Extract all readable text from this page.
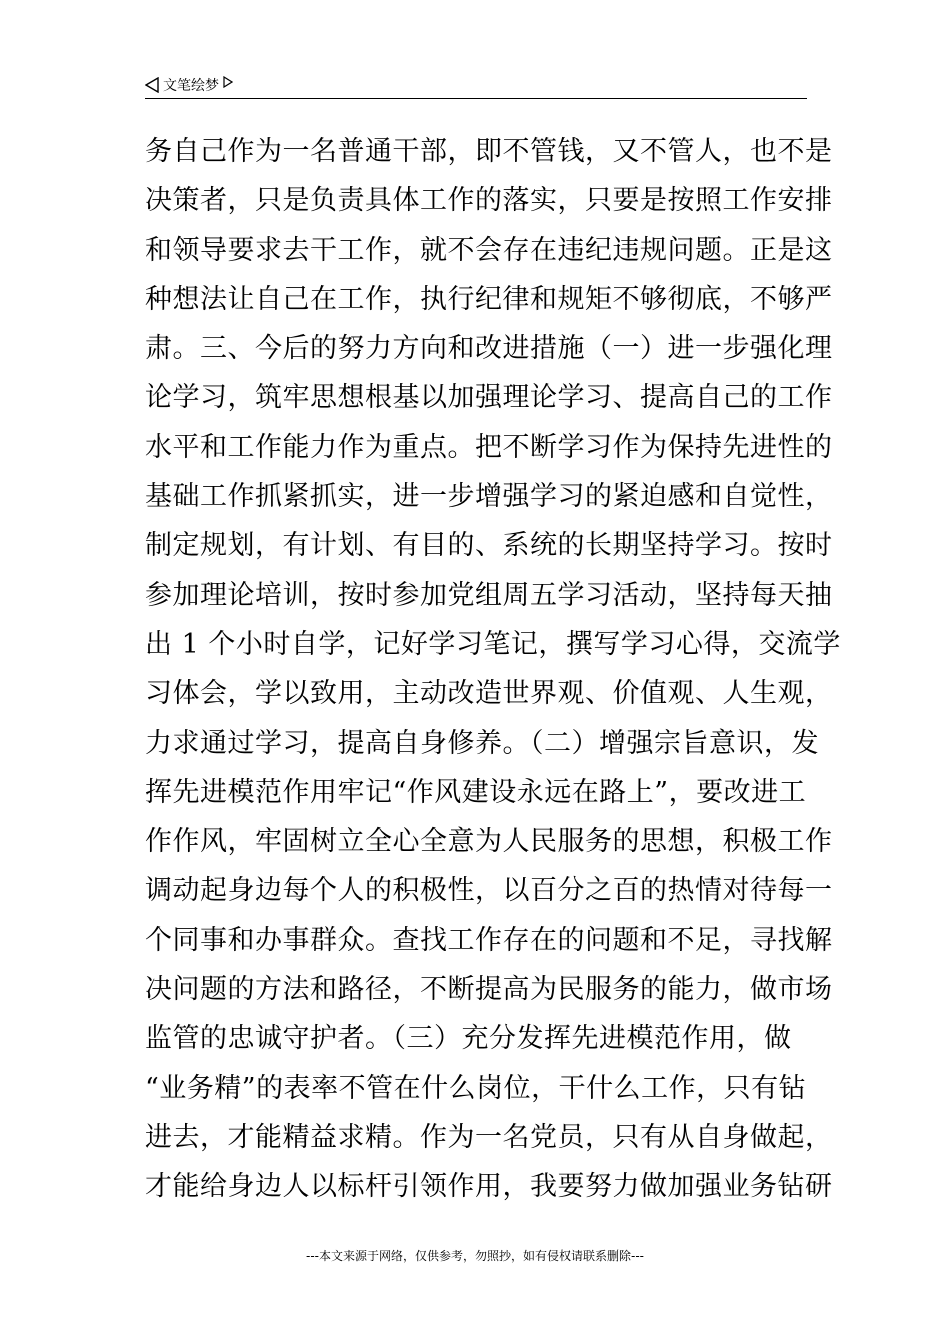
文笔绘梦
务自己作为一名普通干部，即不管钱，又不管人，也不是
决策者，只是负责具体工作的落实，只要是按照工作安排
和领导要求去干工作，就不会存在违纪违规问题。正是这
种想法让自己在工作，执行纪律和规矩不够彻底，不够严
肃。三、今后的努力方向和改进措施（一）进一步强化理
论学习，筑牢思想根基以加强理论学习、提高自己的工作
水平和工作能力作为重点。把不断学习作为保持先进性的
基础工作抓紧抓实，进一步增强学习的紧迫感和自觉性，
制定规划，有计划、有目的、系统的长期坚持学习。按时
参加理论培训，按时参加党组周五学习活动，坚持每天抽
出 1 个小时自学，记好学习笔记，撰写学习心得，交流学
习体会，学以致用，主动改造世界观、价值观、人生观，
力求通过学习，提高自身修养。（二）增强宗旨意识，发
挥先进模范作用牢记“作风建设永远在路上”，要改进工
作作风，牢固树立全心全意为人民服务的思想，积极工作
调动起身边每个人的积极性，以百分之百的热情对待每一
个同事和办事群众。查找工作存在的问题和不足，寻找解
决问题的方法和路径，不断提高为民服务的能力，做市场
监管的忠诚守护者。（三）充分发挥先进模范作用，做
“业务精”的表率不管在什么岗位，干什么工作，只有钻
进去，才能精益求精。作为一名党员，只有从自身做起，
才能给身边人以标杆引领作用，我要努力做加强业务钻研
---本文来源于网络，仅供参考，勿照抄，如有侵权请联系删除---
